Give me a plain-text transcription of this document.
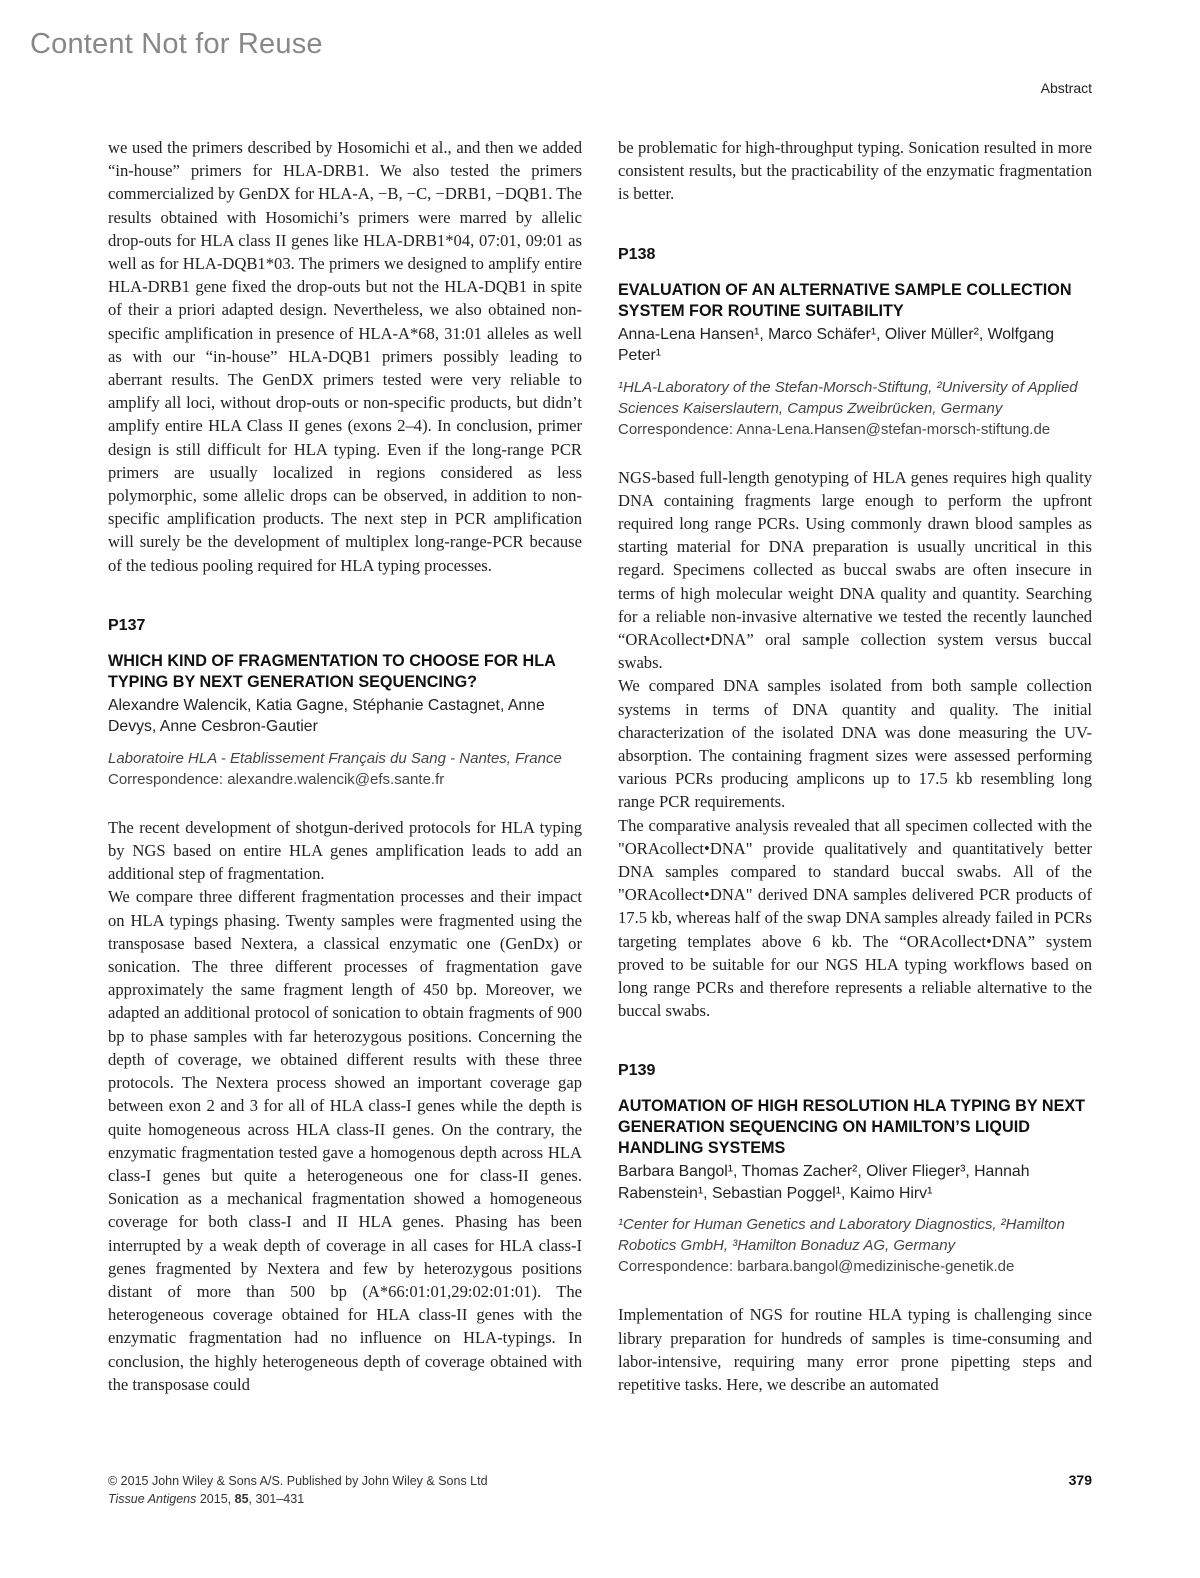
Content Not for Reuse
Abstract

we used the primers described by Hosomichi et al., and then we added “in-house” primers for HLA-DRB1. We also tested the primers commercialized by GenDX for HLA-A, −B, −C, −DRB1, −DQB1. The results obtained with Hosomichi’s primers were marred by allelic drop-outs for HLA class II genes like HLA-DRB1*04, 07:01, 09:01 as well as for HLA-DQB1*03. The primers we designed to amplify entire HLA-DRB1 gene fixed the drop-outs but not the HLA-DQB1 in spite of their a priori adapted design. Nevertheless, we also obtained non-specific amplification in presence of HLA-A*68, 31:01 alleles as well as with our “in-house” HLA-DQB1 primers possibly leading to aberrant results. The GenDX primers tested were very reliable to amplify all loci, without drop-outs or non-specific products, but didn’t amplify entire HLA Class II genes (exons 2–4). In conclusion, primer design is still difficult for HLA typing. Even if the long-range PCR primers are usually localized in regions considered as less polymorphic, some allelic drops can be observed, in addition to non-specific amplification products. The next step in PCR amplification will surely be the development of multiplex long-range-PCR because of the tedious pooling required for HLA typing processes.

P137

WHICH KIND OF FRAGMENTATION TO CHOOSE FOR HLA TYPING BY NEXT GENERATION SEQUENCING?

Alexandre Walencik, Katia Gagne, Stéphanie Castagnet, Anne Devys, Anne Cesbron-Gautier

Laboratoire HLA - Etablissement Français du Sang - Nantes, France

Correspondence: alexandre.walencik@efs.sante.fr

The recent development of shotgun-derived protocols for HLA typing by NGS based on entire HLA genes amplification leads to add an additional step of fragmentation.

We compare three different fragmentation processes and their impact on HLA typings phasing. Twenty samples were fragmented using the transposase based Nextera, a classical enzymatic one (GenDx) or sonication. The three different processes of fragmentation gave approximately the same fragment length of 450 bp. Moreover, we adapted an additional protocol of sonication to obtain fragments of 900 bp to phase samples with far heterozygous positions. Concerning the depth of coverage, we obtained different results with these three protocols. The Nextera process showed an important coverage gap between exon 2 and 3 for all of HLA class-I genes while the depth is quite homogeneous across HLA class-II genes. On the contrary, the enzymatic fragmentation tested gave a homogenous depth across HLA class-I genes but quite a heterogeneous one for class-II genes. Sonication as a mechanical fragmentation showed a homogeneous coverage for both class-I and II HLA genes. Phasing has been interrupted by a weak depth of coverage in all cases for HLA class-I genes fragmented by Nextera and few by heterozygous positions distant of more than 500 bp (A*66:01:01,29:02:01:01). The heterogeneous coverage obtained for HLA class-II genes with the enzymatic fragmentation had no influence on HLA-typings. In conclusion, the highly heterogeneous depth of coverage obtained with the transposase could

be problematic for high-throughput typing. Sonication resulted in more consistent results, but the practicability of the enzymatic fragmentation is better.

P138

EVALUATION OF AN ALTERNATIVE SAMPLE COLLECTION SYSTEM FOR ROUTINE SUITABILITY

Anna-Lena Hansen¹, Marco Schäfer¹, Oliver Müller², Wolfgang Peter¹

¹HLA-Laboratory of the Stefan-Morsch-Stiftung, ²University of Applied Sciences Kaiserslautern, Campus Zweibrücken, Germany

Correspondence: Anna-Lena.Hansen@stefan-morsch-stiftung.de

NGS-based full-length genotyping of HLA genes requires high quality DNA containing fragments large enough to perform the upfront required long range PCRs. Using commonly drawn blood samples as starting material for DNA preparation is usually uncritical in this regard. Specimens collected as buccal swabs are often insecure in terms of high molecular weight DNA quality and quantity. Searching for a reliable non-invasive alternative we tested the recently launched “ORAcollect•DNA” oral sample collection system versus buccal swabs.

We compared DNA samples isolated from both sample collection systems in terms of DNA quantity and quality. The initial characterization of the isolated DNA was done measuring the UV-absorption. The containing fragment sizes were assessed performing various PCRs producing amplicons up to 17.5 kb resembling long range PCR requirements.

The comparative analysis revealed that all specimen collected with the "ORAcollect•DNA" provide qualitatively and quantitatively better DNA samples compared to standard buccal swabs. All of the "ORAcollect•DNA" derived DNA samples delivered PCR products of 17.5 kb, whereas half of the swap DNA samples already failed in PCRs targeting templates above 6 kb. The “ORAcollect•DNA” system proved to be suitable for our NGS HLA typing workflows based on long range PCRs and therefore represents a reliable alternative to the buccal swabs.

P139

AUTOMATION OF HIGH RESOLUTION HLA TYPING BY NEXT GENERATION SEQUENCING ON HAMILTON’S LIQUID HANDLING SYSTEMS

Barbara Bangol¹, Thomas Zacher², Oliver Flieger³, Hannah Rabenstein¹, Sebastian Poggel¹, Kaimo Hirv¹

¹Center for Human Genetics and Laboratory Diagnostics, ²Hamilton Robotics GmbH, ³Hamilton Bonaduz AG, Germany

Correspondence: barbara.bangol@medizinische-genetik.de

Implementation of NGS for routine HLA typing is challenging since library preparation for hundreds of samples is time-consuming and labor-intensive, requiring many error prone pipetting steps and repetitive tasks. Here, we describe an automated

© 2015 John Wiley & Sons A/S. Published by John Wiley & Sons Ltd
Tissue Antigens 2015, 85, 301–431
379
